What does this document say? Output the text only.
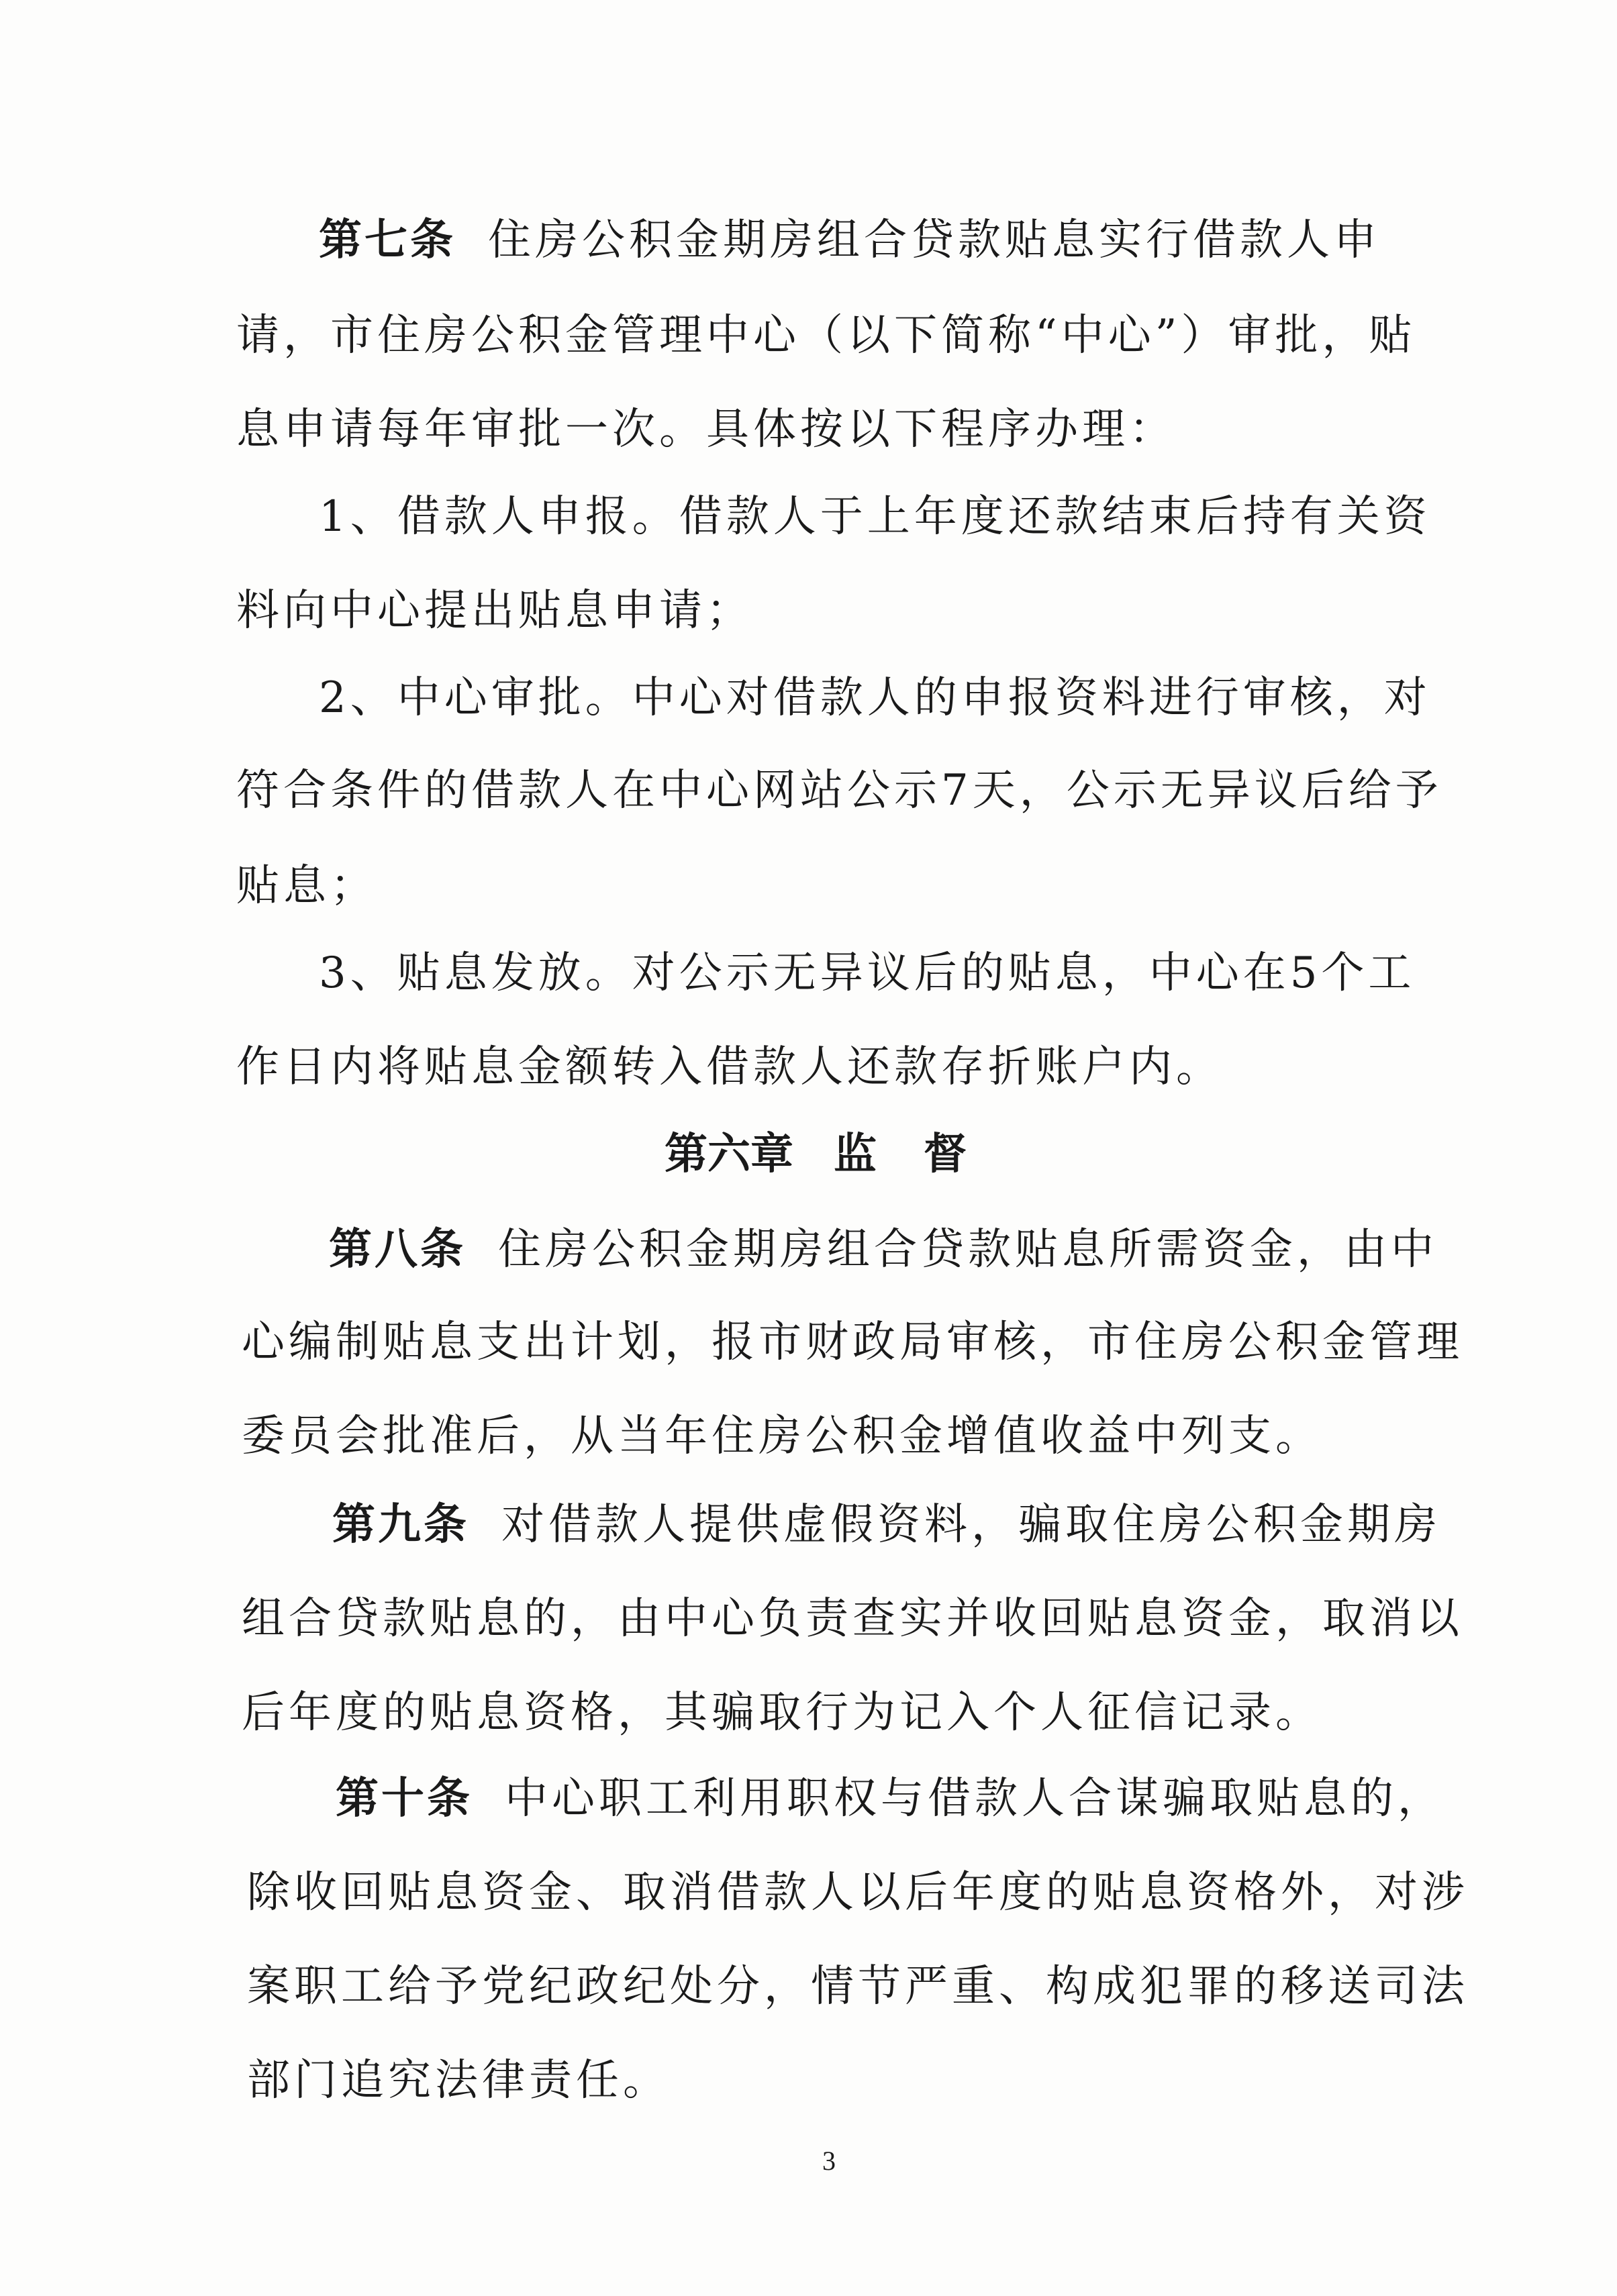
第七条 住房公积金期房组合贷款贴息实行借款人申
请，市住房公积金管理中心（以下简称“中心”）审批，贴
息申请每年审批一次。具体按以下程序办理：
1、借款人申报。借款人于上年度还款结束后持有关资
料向中心提出贴息申请；
2、中心审批。中心对借款人的申报资料进行审核，对
符合条件的借款人在中心网站公示7天，公示无异议后给予
贴息；
3、贴息发放。对公示无异议后的贴息，中心在5个工
作日内将贴息金额转入借款人还款存折账户内。
第六章 监 督
第八条 住房公积金期房组合贷款贴息所需资金，由中
心编制贴息支出计划，报市财政局审核，市住房公积金管理
委员会批准后，从当年住房公积金增值收益中列支。
第九条 对借款人提供虚假资料，骗取住房公积金期房
组合贷款贴息的，由中心负责查实并收回贴息资金，取消以
后年度的贴息资格，其骗取行为记入个人征信记录。
第十条 中心职工利用职权与借款人合谋骗取贴息的，
除收回贴息资金、取消借款人以后年度的贴息资格外，对涉
案职工给予党纪政纪处分，情节严重、构成犯罪的移送司法
部门追究法律责任。
3
